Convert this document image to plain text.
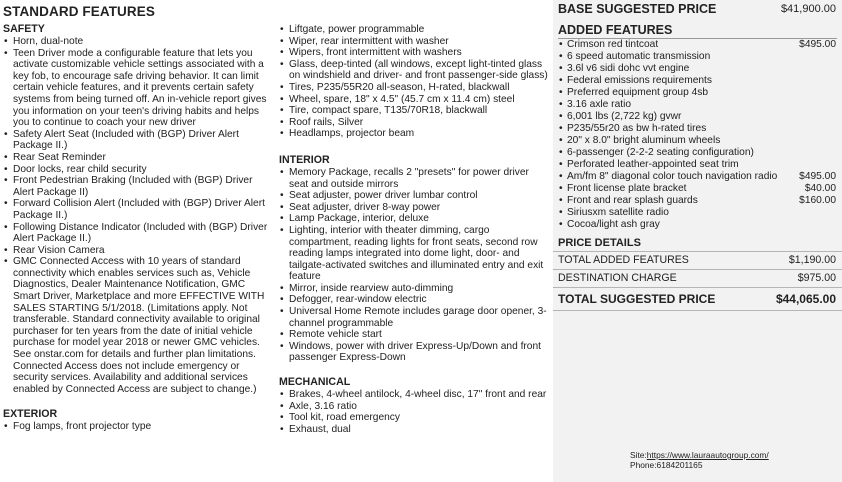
STANDARD FEATURES
SAFETY
• Horn, dual-note
• Teen Driver mode a configurable feature that lets you activate customizable vehicle settings associated with a key fob, to encourage safe driving behavior. It can limit certain vehicle features, and it prevents certain safety systems from being turned off. An in-vehicle report gives you information on your teen's driving habits and helps you to continue to coach your new driver
• Safety Alert Seat (Included with (BGP) Driver Alert Package II.)
• Rear Seat Reminder
• Door locks, rear child security
• Front Pedestrian Braking (Included with (BGP) Driver Alert Package II)
• Forward Collision Alert (Included with (BGP) Driver Alert Package II.)
• Following Distance Indicator (Included with (BGP) Driver Alert Package II.)
• Rear Vision Camera
• GMC Connected Access with 10 years of standard connectivity which enables services such as, Vehicle Diagnostics, Dealer Maintenance Notification, GMC Smart Driver, Marketplace and more EFFECTIVE WITH SALES STARTING 5/1/2018. (Limitations apply. Not transferable. Standard connectivity available to original purchaser for ten years from the date of initial vehicle purchase for model year 2018 or newer GMC vehicles. See onstar.com for details and further plan limitations. Connected Access does not include emergency or security services. Availability and additional services enabled by Connected Access are subject to change.)
EXTERIOR
• Fog lamps, front projector type
• Liftgate, power programmable
• Wiper, rear intermittent with washer
• Wipers, front intermittent with washers
• Glass, deep-tinted (all windows, except light-tinted glass on windshield and driver- and front passenger-side glass)
• Tires, P235/55R20 all-season, H-rated, blackwall
• Wheel, spare, 18" x 4.5" (45.7 cm x 11.4 cm) steel
• Tire, compact spare, T135/70R18, blackwall
• Roof rails, Silver
• Headlamps, projector beam
INTERIOR
• Memory Package, recalls 2 "presets" for power driver seat and outside mirrors
• Seat adjuster, power driver lumbar control
• Seat adjuster, driver 8-way power
• Lamp Package, interior, deluxe
• Lighting, interior with theater dimming, cargo compartment, reading lights for front seats, second row reading lamps integrated into dome light, door- and tailgate-activated switches and illuminated entry and exit feature
• Mirror, inside rearview auto-dimming
• Defogger, rear-window electric
• Universal Home Remote includes garage door opener, 3-channel programmable
• Remote vehicle start
• Windows, power with driver Express-Up/Down and front passenger Express-Down
MECHANICAL
• Brakes, 4-wheel antilock, 4-wheel disc, 17" front and rear
• Axle, 3.16 ratio
• Tool kit, road emergency
• Exhaust, dual
BASE SUGGESTED PRICE	$41,900.00
ADDED FEATURES
• Crimson red tintcoat	$495.00
• 6 speed automatic transmission
• 3.6l v6 sidi dohc vvt engine
• Federal emissions requirements
• Preferred equipment group 4sb
• 3.16 axle ratio
• 6,001 lbs (2,722 kg) gvwr
• P235/55r20 as bw h-rated tires
• 20" x 8.0" bright aluminum wheels
• 6-passenger (2-2-2 seating configuration)
• Perforated leather-appointed seat trim
• Am/fm 8" diagonal color touch navigation radio	$495.00
• Front license plate bracket	$40.00
• Front and rear splash guards	$160.00
• Siriusxm satellite radio
• Cocoa/light ash gray
PRICE DETAILS
TOTAL ADDED FEATURES	$1,190.00
DESTINATION CHARGE	$975.00
TOTAL SUGGESTED PRICE	$44,065.00
Site:https://www.lauraautogroup.com/
Phone:6184201165
